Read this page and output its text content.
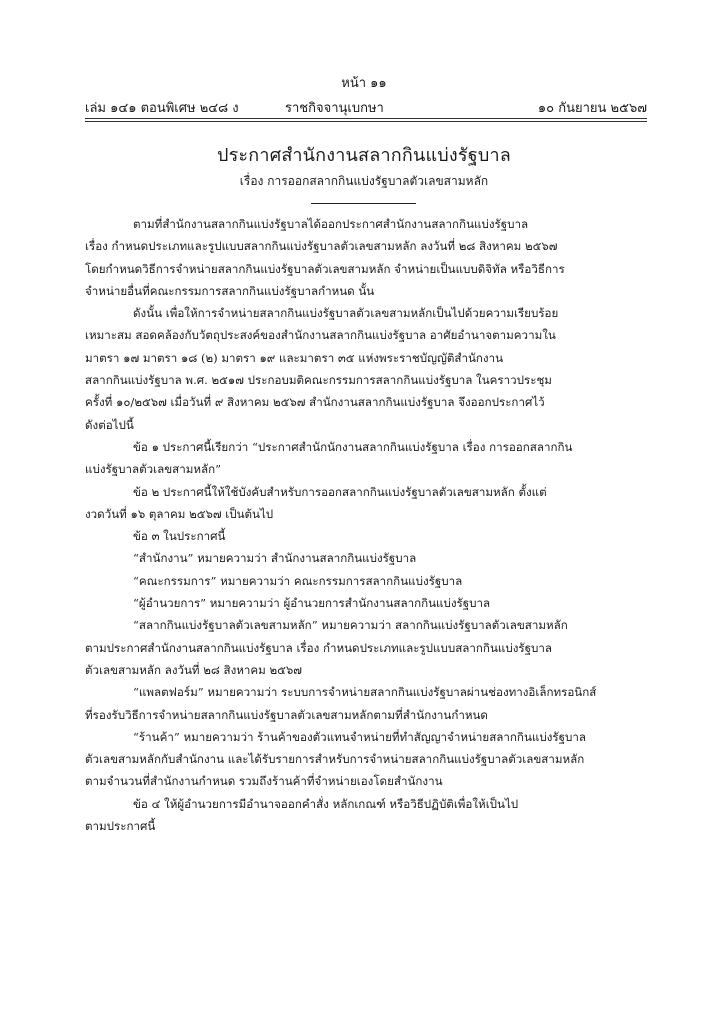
หน้า ๑๑
เล่ม ๑๔๑ ตอนพิเศษ ๒๔๘ ง	ราชกิจจานุเบกษา	๑๐ กันยายน ๒๕๖๗
ประกาศสำนักงานสลากกินแบ่งรัฐบาล
เรื่อง การออกสลากกินแบ่งรัฐบาลตัวเลขสามหลัก
ตามที่สำนักงานสลากกินแบ่งรัฐบาลได้ออกประกาศสำนักงานสลากกินแบ่งรัฐบาล
เรื่อง กำหนดประเภทและรูปแบบสลากกินแบ่งรัฐบาลตัวเลขสามหลัก ลงวันที่ ๒๘ สิงหาคม ๒๕๖๗
โดยกำหนดวิธีการจำหน่ายสลากกินแบ่งรัฐบาลตัวเลขสามหลัก จำหน่ายเป็นแบบดิจิทัล หรือวิธีการ
จำหน่ายอื่นที่คณะกรรมการสลากกินแบ่งรัฐบาลกำหนด นั้น
ดังนั้น เพื่อให้การจำหน่ายสลากกินแบ่งรัฐบาลตัวเลขสามหลักเป็นไปด้วยความเรียบร้อย
เหมาะสม สอดคล้องกับวัตถุประสงค์ของสำนักงานสลากกินแบ่งรัฐบาล อาศัยอำนาจตามความใน
มาตรา ๑๗ มาตรา ๑๘ (๒) มาตรา ๑๙ และมาตรา ๓๕ แห่งพระราชบัญญัติสำนักงาน
สลากกินแบ่งรัฐบาล พ.ศ. ๒๕๑๗ ประกอบมติคณะกรรมการสลากกินแบ่งรัฐบาล ในคราวประชุม
ครั้งที่ ๑๐/๒๕๖๗ เมื่อวันที่ ๙ สิงหาคม ๒๕๖๗ สำนักงานสลากกินแบ่งรัฐบาล จึงออกประกาศไว้
ดังต่อไปนี้
ข้อ ๑ ประกาศนี้เรียกว่า “ประกาศสำนักนักงานสลากกินแบ่งรัฐบาล เรื่อง การออกสลากกิน
แบ่งรัฐบาลตัวเลขสามหลัก”
ข้อ ๒ ประกาศนี้ให้ใช้บังคับสำหรับการออกสลากกินแบ่งรัฐบาลตัวเลขสามหลัก ตั้งแต่
งวดวันที่ ๑๖ ตุลาคม ๒๕๖๗ เป็นต้นไป
ข้อ ๓ ในประกาศนี้
“สำนักงาน” หมายความว่า สำนักงานสลากกินแบ่งรัฐบาล
“คณะกรรมการ” หมายความว่า คณะกรรมการสลากกินแบ่งรัฐบาล
“ผู้อำนวยการ” หมายความว่า ผู้อำนวยการสำนักงานสลากกินแบ่งรัฐบาล
“สลากกินแบ่งรัฐบาลตัวเลขสามหลัก” หมายความว่า สลากกินแบ่งรัฐบาลตัวเลขสามหลัก
ตามประกาศสำนักงานสลากกินแบ่งรัฐบาล เรื่อง กำหนดประเภทและรูปแบบสลากกินแบ่งรัฐบาล
ตัวเลขสามหลัก ลงวันที่ ๒๘ สิงหาคม ๒๕๖๗
“แพลตฟอร์ม” หมายความว่า ระบบการจำหน่ายสลากกินแบ่งรัฐบาลผ่านช่องทางอิเล็กทรอนิกส์
ที่รองรับวิธีการจำหน่ายสลากกินแบ่งรัฐบาลตัวเลขสามหลักตามที่สำนักงานกำหนด
“ร้านค้า” หมายความว่า ร้านค้าของตัวแทนจำหน่ายที่ทำสัญญาจำหน่ายสลากกินแบ่งรัฐบาล
ตัวเลขสามหลักกับสำนักงาน และได้รับรายการสำหรับการจำหน่ายสลากกินแบ่งรัฐบาลตัวเลขสามหลัก
ตามจำนวนที่สำนักงานกำหนด รวมถึงร้านค้าที่จำหน่ายเองโดยสำนักงาน
ข้อ ๔ ให้ผู้อำนวยการมีอำนาจออกคำสั่ง หลักเกณฑ์ หรือวิธีปฏิบัติเพื่อให้เป็นไป
ตามประกาศนี้
